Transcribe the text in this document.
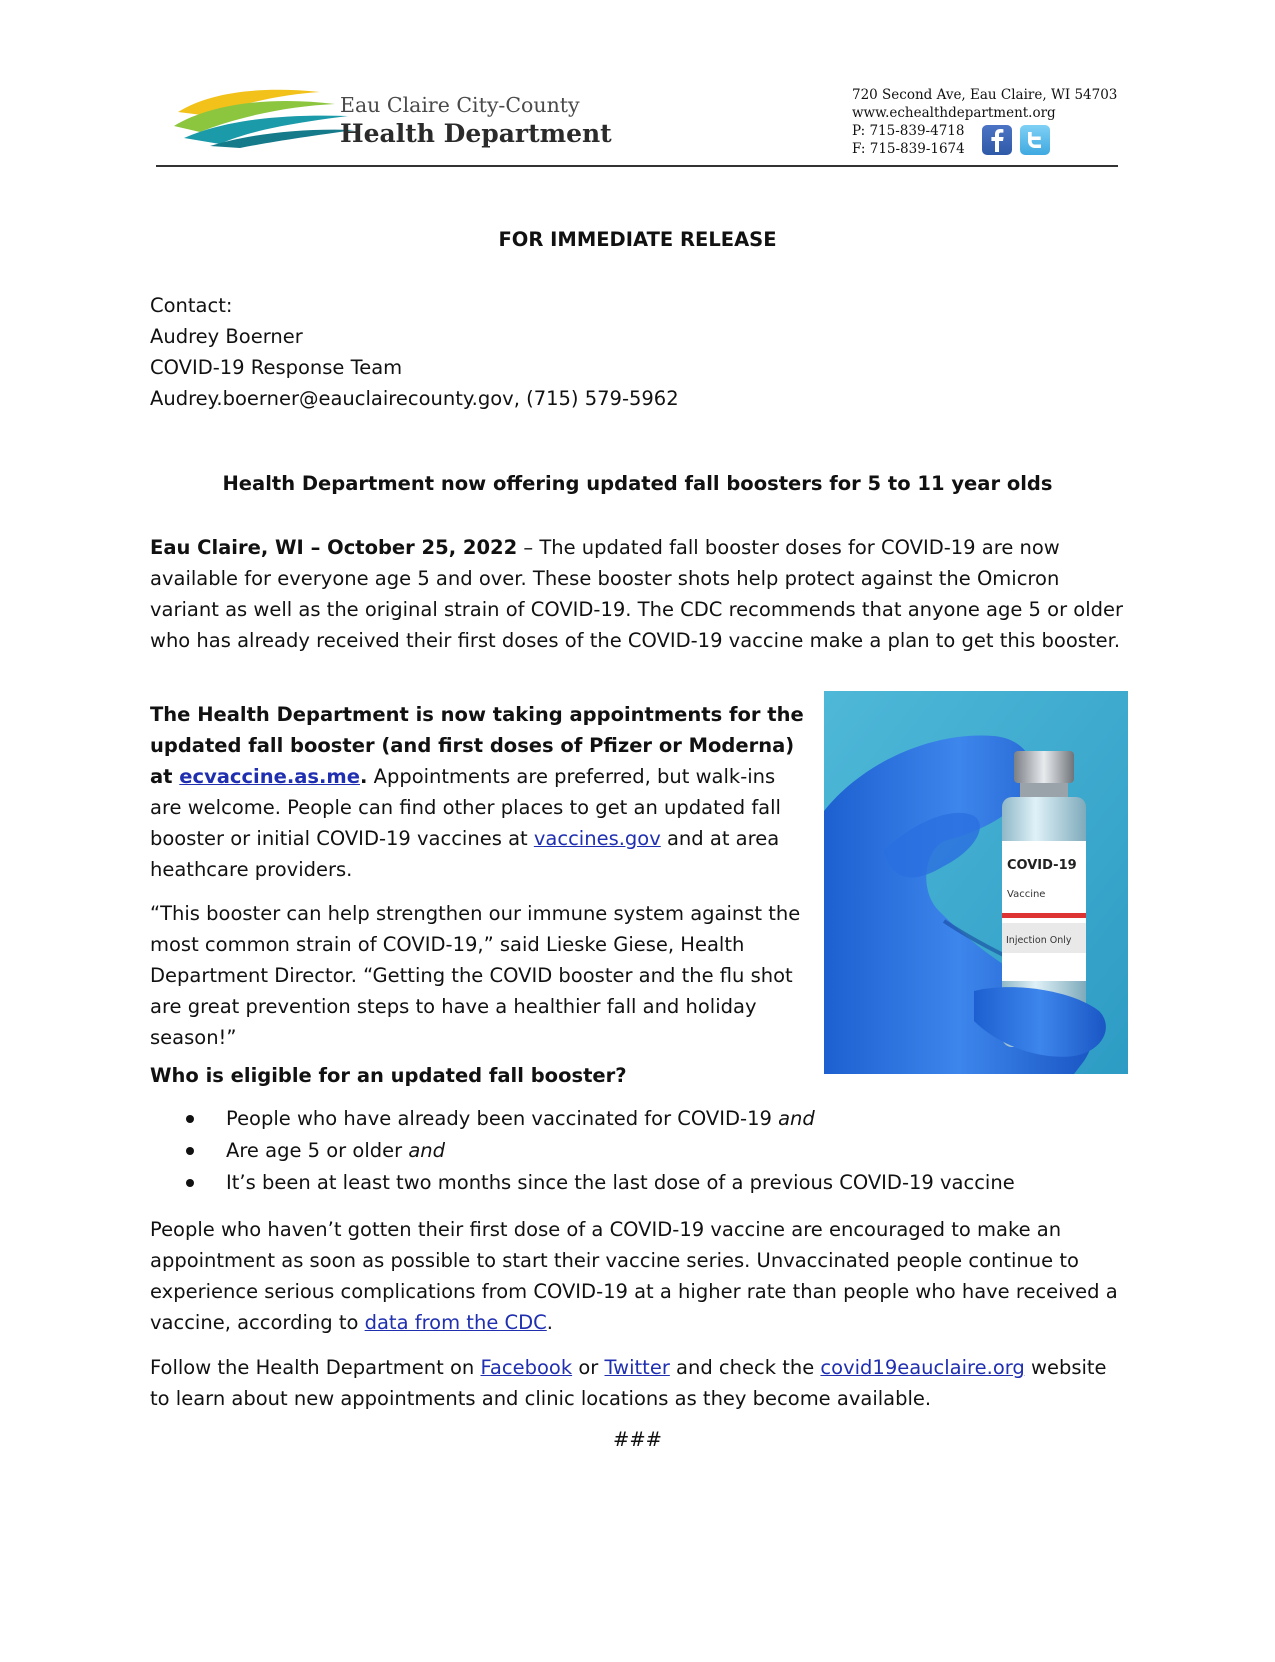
Eau Claire City-County
Health Department
720 Second Ave, Eau Claire, WI 54703
www.echealthdepartment.org
P: 715-839-4718
F: 715-839-1674
FOR IMMEDIATE RELEASE
Contact:
Audrey Boerner
COVID-19 Response Team
Audrey.boerner@eauclairecounty.gov, (715) 579-5962
Health Department now offering updated fall boosters for 5 to 11 year olds
Eau Claire, WI – October 25, 2022 – The updated fall booster doses for COVID-19 are now available for everyone age 5 and over. These booster shots help protect against the Omicron variant as well as the original strain of COVID-19. The CDC recommends that anyone age 5 or older who has already received their first doses of the COVID-19 vaccine make a plan to get this booster.
The Health Department is now taking appointments for the updated fall booster (and first doses of Pfizer or Moderna) at ecvaccine.as.me. Appointments are preferred, but walk-ins are welcome. People can find other places to get an updated fall booster or initial COVID-19 vaccines at vaccines.gov and at area heathcare providers.
“This booster can help strengthen our immune system against the most common strain of COVID-19,” said Lieske Giese, Health Department Director. “Getting the COVID booster and the flu shot are great prevention steps to have a healthier fall and holiday season!”
COVID-19
Vaccine
Injection Only
Who is eligible for an updated fall booster?
People who have already been vaccinated for COVID-19 and
Are age 5 or older and
It’s been at least two months since the last dose of a previous COVID-19 vaccine
People who haven’t gotten their first dose of a COVID-19 vaccine are encouraged to make an appointment as soon as possible to start their vaccine series. Unvaccinated people continue to experience serious complications from COVID-19 at a higher rate than people who have received a vaccine, according to data from the CDC.
Follow the Health Department on Facebook or Twitter and check the covid19eauclaire.org website to learn about new appointments and clinic locations as they become available.
###
